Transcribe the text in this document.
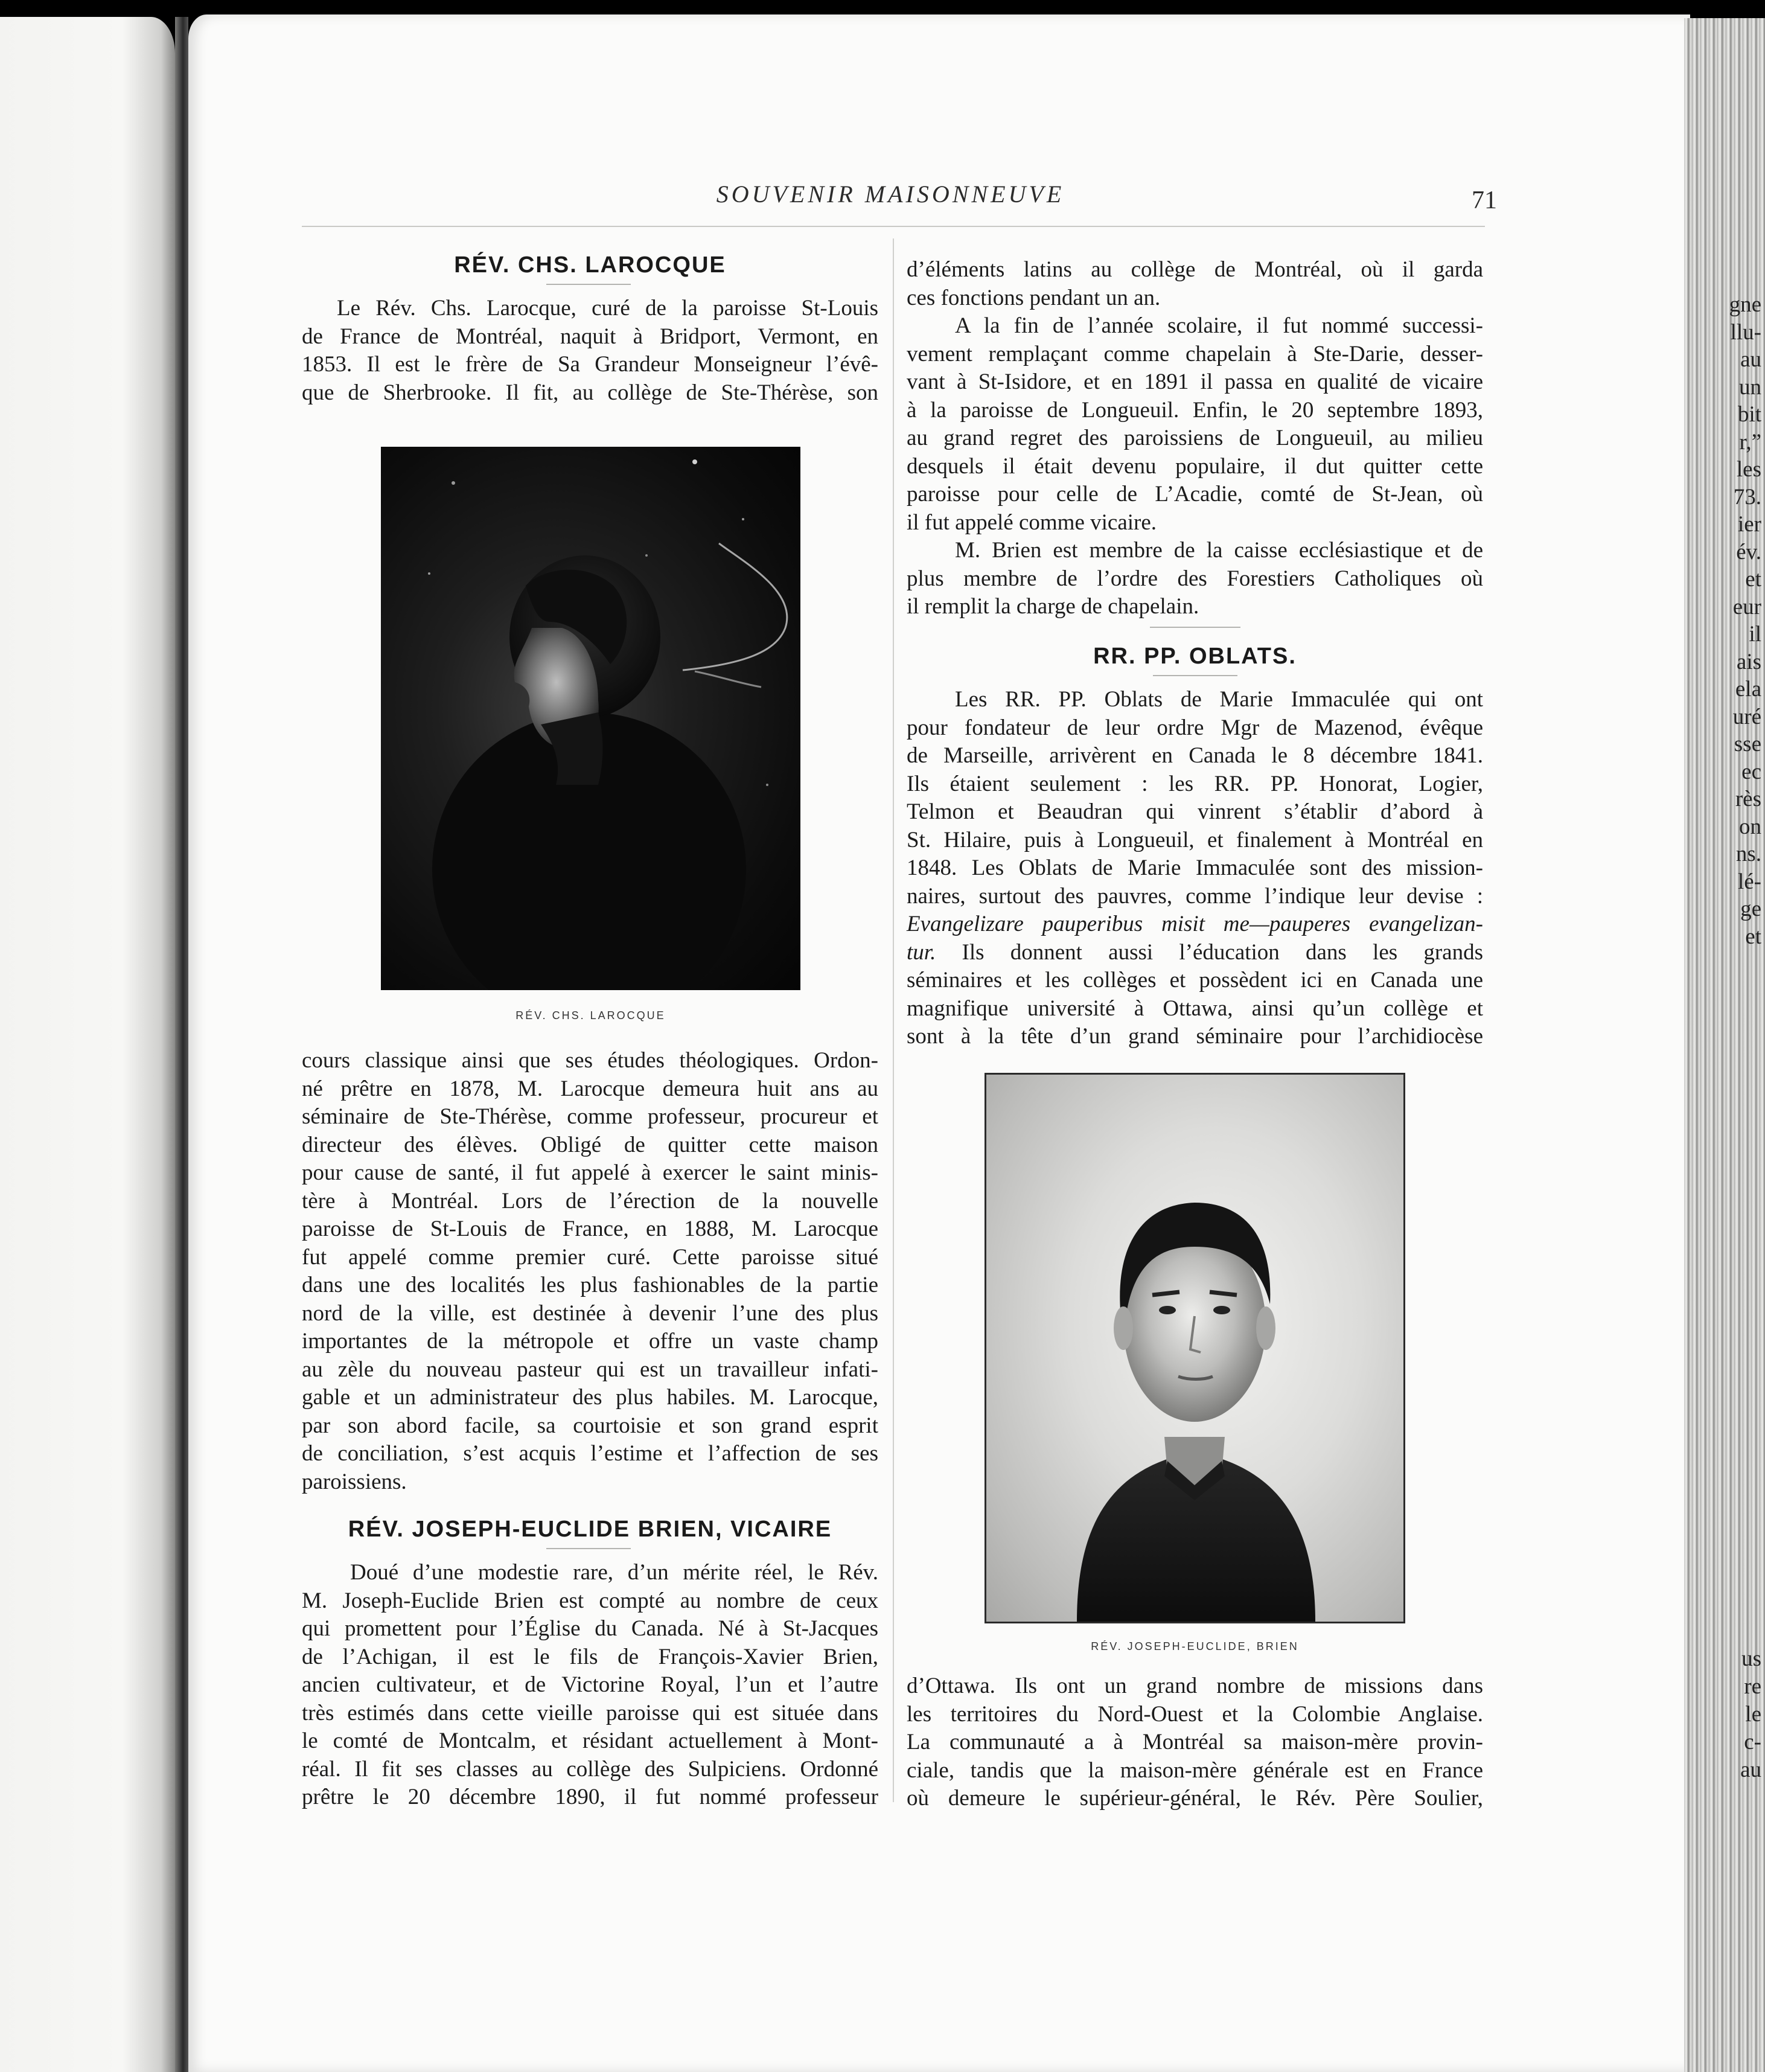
gne
llu-
au
un
bit
r,”
les
73.
ier
év.
et
eur
il
ais
ela
uré
sse
ec
rès
on
ns.
lé-
ge
et
us
re
le
c-
au
SOUVENIR MAISONNEUVE	71
RÉV. CHS. LAROCQUE
Le Rév. Chs. Larocque, curé de la paroisse St-Louis
de France de Montréal, naquit à Bridport, Vermont, en
1853. Il est le frère de Sa Grandeur Monseigneur l’évê-
que de Sherbrooke. Il fit, au collège de Ste-Thérèse, son
RÉV. CHS. LAROCQUE
cours classique ainsi que ses études théologiques. Ordon-
né prêtre en 1878, M. Larocque demeura huit ans au
séminaire de Ste-Thérèse, comme professeur, procureur et
directeur des élèves. Obligé de quitter cette maison
pour cause de santé, il fut appelé à exercer le saint minis-
tère à Montréal. Lors de l’érection de la nouvelle
paroisse de St-Louis de France, en 1888, M. Larocque
fut appelé comme premier curé. Cette paroisse situé
dans une des localités les plus fashionables de la partie
nord de la ville, est destinée à devenir l’une des plus
importantes de la métropole et offre un vaste champ
au zèle du nouveau pasteur qui est un travailleur infati-
gable et un administrateur des plus habiles. M. Larocque,
par son abord facile, sa courtoisie et son grand esprit
de conciliation, s’est acquis l’estime et l’affection de ses
paroissiens.
RÉV. JOSEPH-EUCLIDE BRIEN, VICAIRE
Doué d’une modestie rare, d’un mérite réel, le Rév.
M. Joseph-Euclide Brien est compté au nombre de ceux
qui promettent pour l’Église du Canada. Né à St-Jacques
de l’Achigan, il est le fils de François-Xavier Brien,
ancien cultivateur, et de Victorine Royal, l’un et l’autre
très estimés dans cette vieille paroisse qui est située dans
le comté de Montcalm, et résidant actuellement à Mont-
réal. Il fit ses classes au collège des Sulpiciens. Ordonné
prêtre le 20 décembre 1890, il fut nommé professeur
d’éléments latins au collège de Montréal, où il garda
ces fonctions pendant un an.
A la fin de l’année scolaire, il fut nommé successi-
vement remplaçant comme chapelain à Ste-Darie, desser-
vant à St-Isidore, et en 1891 il passa en qualité de vicaire
à la paroisse de Longueuil. Enfin, le 20 septembre 1893,
au grand regret des paroissiens de Longueuil, au milieu
desquels il était devenu populaire, il dut quitter cette
paroisse pour celle de L’Acadie, comté de St-Jean, où
il fut appelé comme vicaire.
M. Brien est membre de la caisse ecclésiastique et de
plus membre de l’ordre des Forestiers Catholiques où
il remplit la charge de chapelain.
RR. PP. OBLATS.
Les RR. PP. Oblats de Marie Immaculée qui ont
pour fondateur de leur ordre Mgr de Mazenod, évêque
de Marseille, arrivèrent en Canada le 8 décembre 1841.
Ils étaient seulement : les RR. PP. Honorat, Logier,
Telmon et Beaudran qui vinrent s’établir d’abord à
St. Hilaire, puis à Longueuil, et finalement à Montréal en
1848. Les Oblats de Marie Immaculée sont des mission-
naires, surtout des pauvres, comme l’indique leur devise :
Evangelizare pauperibus misit me—pauperes evangelizan-
tur. Ils donnent aussi l’éducation dans les grands
séminaires et les collèges et possèdent ici en Canada une
magnifique université à Ottawa, ainsi qu’un collège et
sont à la tête d’un grand séminaire pour l’archidiocèse
RÉV. JOSEPH-EUCLIDE, BRIEN
d’Ottawa. Ils ont un grand nombre de missions dans
les territoires du Nord-Ouest et la Colombie Anglaise.
La communauté a à Montréal sa maison-mère provin-
ciale, tandis que la maison-mère générale est en France
où demeure le supérieur-général, le Rév. Père Soulier,
